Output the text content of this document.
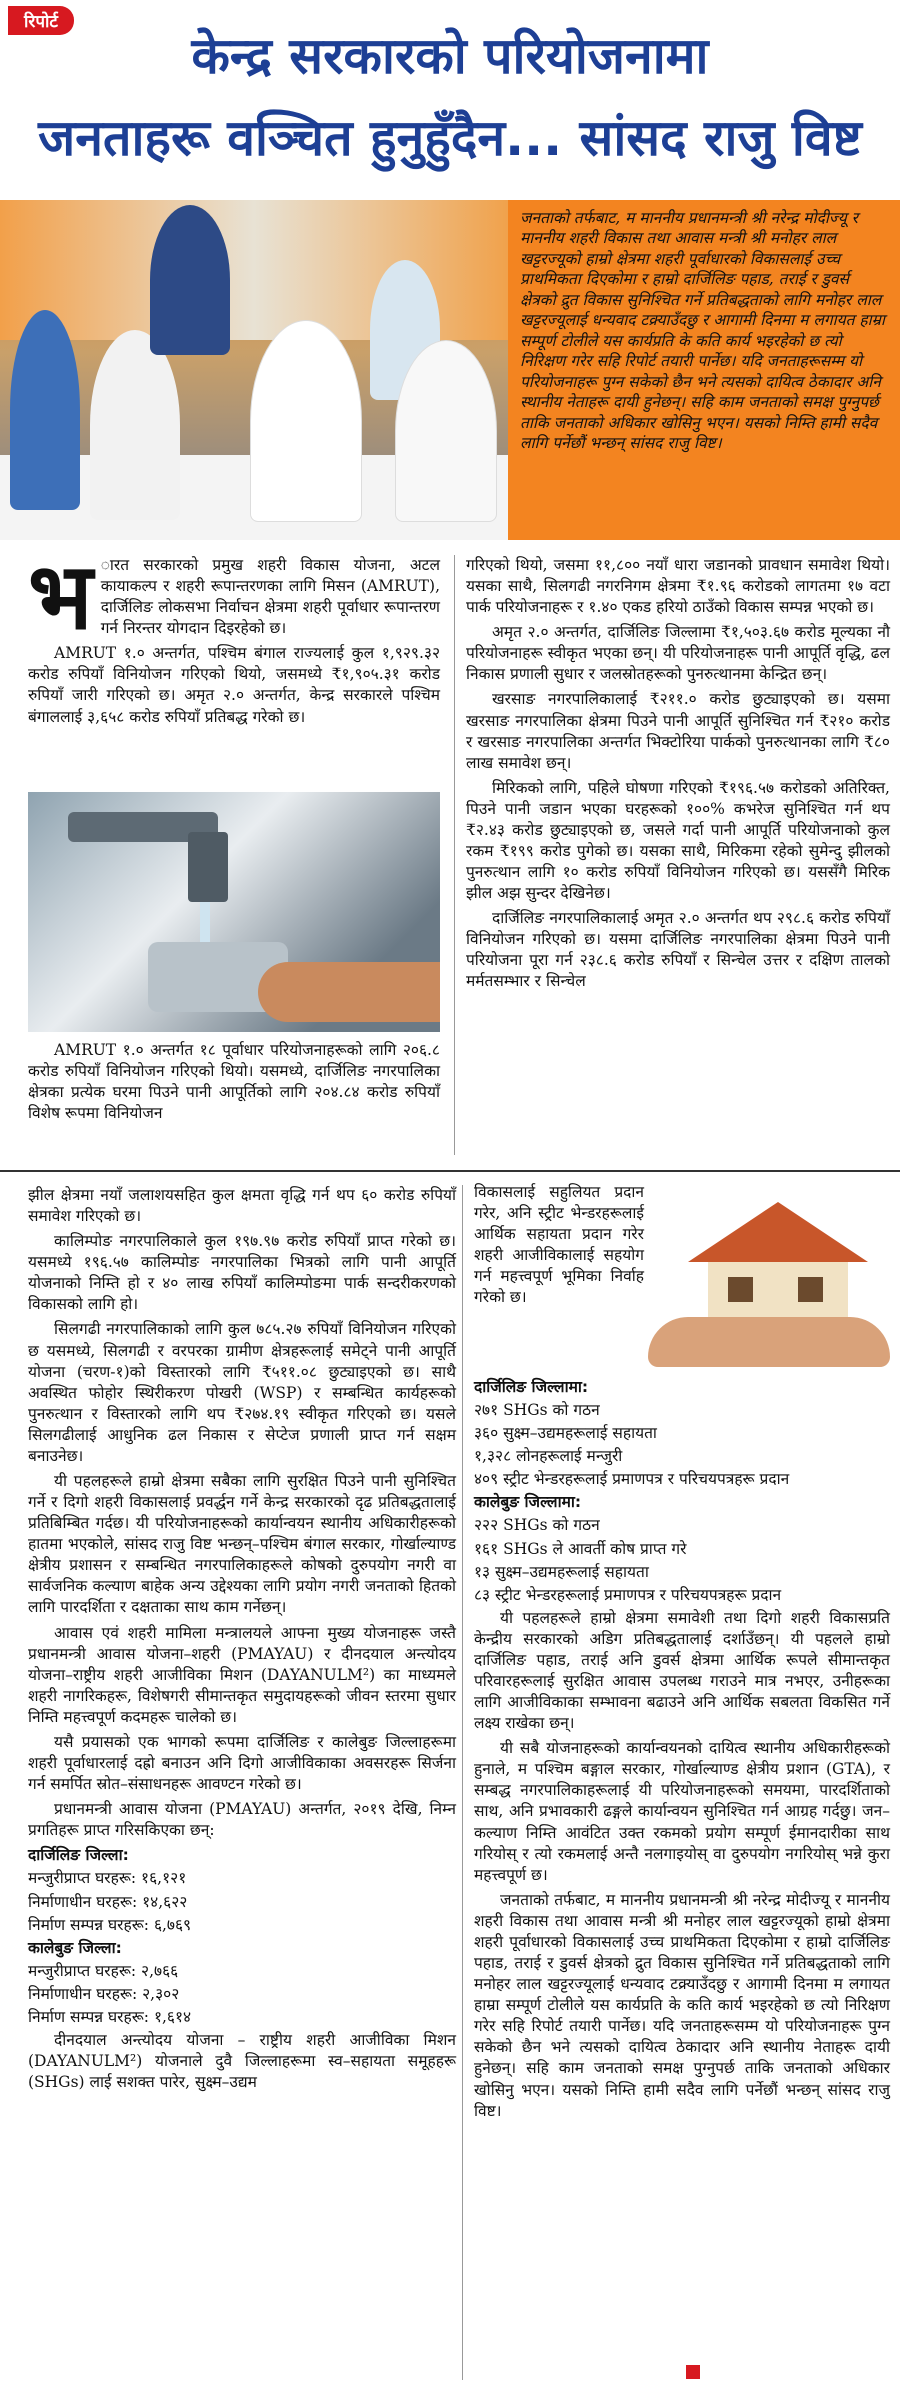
रिपोर्ट
केन्द्र सरकारको परियोजनामा
जनताहरू वञ्चित हुनुहुँदैन... सांसद राजु विष्ट
जनताको तर्फबाट, म माननीय प्रधानमन्त्री श्री नरेन्द्र मोदीज्यू र माननीय शहरी विकास तथा आवास मन्त्री श्री मनोहर लाल खट्टरज्यूको हाम्रो क्षेत्रमा शहरी पूर्वाधारको विकासलाई उच्च प्राथमिकता दिएकोमा र हाम्रो दार्जिलिङ पहाड, तराई र डुवर्स क्षेत्रको द्रुत विकास सुनिश्चित गर्ने प्रतिबद्धताको लागि मनोहर लाल खट्टरज्यूलाई धन्यवाद टक्र्याउँदछु र आगामी दिनमा म लगायत हाम्रा सम्पूर्ण टोलीले यस कार्यप्रति के कति कार्य भइरहेको छ त्यो निरिक्षण गरेर सहि रिपोर्ट तयारी पार्नेछ। यदि जनताहरूसम्म यो परियोजनाहरू पुग्न सकेको छैन भने त्यसको दायित्व ठेकादार अनि स्थानीय नेताहरू दायी हुनेछन्। सहि काम जनताको समक्ष पुग्नुपर्छ ताकि जनताको अधिकार खोसिनु भएन। यसको निम्ति हामी सदैव लागि पर्नेछौं भन्छन् सांसद राजु विष्ट।

भ ारत सरकारको प्रमुख शहरी विकास योजना, अटल कायाकल्प र शहरी रूपान्तरणका लागि मिसन (AMRUT), दार्जिलिङ लोकसभा निर्वाचन क्षेत्रमा शहरी पूर्वाधार रूपान्तरण गर्न निरन्तर योगदान दिइरहेको छ।

AMRUT १.० अन्तर्गत, पश्चिम बंगाल राज्यलाई कुल १,९२९.३२ करोड रुपियाँ विनियोजन गरिएको थियो, जसमध्ये ₹१,९०५.३१ करोड रुपियाँ जारी गरिएको छ। अमृत २.० अन्तर्गत, केन्द्र सरकारले पश्चिम बंगाललाई ३,६५८ करोड रुपियाँ प्रतिबद्ध गरेको छ।

AMRUT १.० अन्तर्गत १८ पूर्वाधार परियोजनाहरूको लागि २०६.८ करोड रुपियाँ विनियोजन गरिएको थियो। यसमध्ये, दार्जिलिङ नगरपालिका क्षेत्रका प्रत्येक घरमा पिउने पानी आपूर्तिको लागि २०४.८४ करोड रुपियाँ विशेष रूपमा विनियोजन

गरिएको थियो, जसमा ११,८०० नयाँ धारा जडानको प्रावधान समावेश थियो। यसका साथै, सिलगढी नगरनिगम क्षेत्रमा ₹१.९६ करोडको लागतमा १७ वटा पार्क परियोजनाहरू र १.४० एकड हरियो ठाउँको विकास सम्पन्न भएको छ।

अमृत २.० अन्तर्गत, दार्जिलिङ जिल्लामा ₹१,५०३.६७ करोड मूल्यका नौ परियोजनाहरू स्वीकृत भएका छन्। यी परियोजनाहरू पानी आपूर्ति वृद्धि, ढल निकास प्रणाली सुधार र जलस्रोतहरूको पुनरुत्थानमा केन्द्रित छन्।

खरसाङ नगरपालिकालाई ₹२११.० करोड छुट्याइएको छ। यसमा खरसाङ नगरपालिका क्षेत्रमा पिउने पानी आपूर्ति सुनिश्चित गर्न ₹२१० करोड र खरसाङ नगरपालिका अन्तर्गत भिक्टोरिया पार्कको पुनरुत्थानका लागि ₹८० लाख समावेश छन्।

मिरिकको लागि, पहिले घोषणा गरिएको ₹१९६.५७ करोडको अतिरिक्त, पिउने पानी जडान भएका घरहरूको १००% कभरेज सुनिश्चित गर्न थप ₹२.४३ करोड छुट्याइएको छ, जसले गर्दा पानी आपूर्ति परियोजनाको कुल रकम ₹१९९ करोड पुगेको छ। यसका साथै, मिरिकमा रहेको सुमेन्दु झीलको पुनरुत्थान लागि १० करोड रुपियाँ विनियोजन गरिएको छ। यससँगै मिरिक झील अझ सुन्दर देखिनेछ।

दार्जिलिङ नगरपालिकालाई अमृत २.० अन्तर्गत थप २९८.६ करोड रुपियाँ विनियोजन गरिएको छ। यसमा दार्जिलिङ नगरपालिका क्षेत्रमा पिउने पानी परियोजना पूरा गर्न २३८.६ करोड रुपियाँ र सिन्चेल उत्तर र दक्षिण तालको मर्मतसम्भार र सिन्चेल

झील क्षेत्रमा नयाँ जलाशयसहित कुल क्षमता वृद्धि गर्न थप ६० करोड रुपियाँ समावेश गरिएको छ।

कालिम्पोङ नगरपालिकाले कुल १९७.९७ करोड रुपियाँ प्राप्त गरेको छ। यसमध्ये १९६.५७ कालिम्पोङ नगरपालिका भित्रको लागि पानी आपूर्ति योजनाको निम्ति हो र ४० लाख रुपियाँ कालिम्पोङमा पार्क सन्दरीकरणको विकासको लागि हो।

सिलगढी नगरपालिकाको लागि कुल ७८५.२७ रुपियाँ विनियोजन गरिएको छ यसमध्ये, सिलगढी र वरपरका ग्रामीण क्षेत्रहरूलाई समेट्ने पानी आपूर्ति योजना (चरण-१)को विस्तारको लागि ₹५११.०८ छुट्याइएको छ। साथै अवस्थित फोहोर स्थिरीकरण पोखरी (WSP) र सम्बन्धित कार्यहरूको पुनरुत्थान र विस्तारको लागि थप ₹२७४.१९ स्वीकृत गरिएको छ। यसले सिलगढीलाई आधुनिक ढल निकास र सेप्टेज प्रणाली प्राप्त गर्न सक्षम बनाउनेछ।

यी पहलहरूले हाम्रो क्षेत्रमा सबैका लागि सुरक्षित पिउने पानी सुनिश्चित गर्ने र दिगो शहरी विकासलाई प्रवर्द्धन गर्ने केन्द्र सरकारको दृढ प्रतिबद्धतालाई प्रतिबिम्बित गर्दछ। यी परियोजनाहरूको कार्यान्वयन स्थानीय अधिकारीहरूको हातमा भएकोले, सांसद राजु विष्ट भन्छन्–पश्चिम बंगाल सरकार, गोर्खाल्याण्ड क्षेत्रीय प्रशासन र सम्बन्धित नगरपालिकाहरूले कोषको दुरुपयोग नगरी वा सार्वजनिक कल्याण बाहेक अन्य उद्देश्यका लागि प्रयोग नगरी जनताको हितको लागि पारदर्शिता र दक्षताका साथ काम गर्नेछन्।

आवास एवं शहरी मामिला मन्त्रालयले आफ्ना मुख्य योजनाहरू जस्तै प्रधानमन्त्री आवास योजना–शहरी (PMAYAU) र दीनदयाल अन्त्योदय योजना–राष्ट्रीय शहरी आजीविका मिशन (DAYANULM²) का माध्यमले शहरी नागरिकहरू, विशेषगरी सीमान्तकृत समुदायहरूको जीवन स्तरमा सुधार निम्ति महत्त्वपूर्ण कदमहरू चालेको छ।

यसै प्रयासको एक भागको रूपमा दार्जिलिङ र कालेबुङ जिल्लाहरूमा शहरी पूर्वाधारलाई दह्रो बनाउन अनि दिगो आजीविकाका अवसरहरू सिर्जना गर्न समर्पित स्रोत–संसाधनहरू आवण्टन गरेको छ।

प्रधानमन्त्री आवास योजना (PMAYAU) अन्तर्गत, २०१९ देखि, निम्न प्रगतिहरू प्राप्त गरिसकिएका छन्:

दार्जिलिङ जिल्ला:

मन्जुरीप्राप्त घरहरू: १६,१२१

निर्माणाधीन घरहरू: १४,६२२

निर्माण सम्पन्न घरहरू: ६,७६९

कालेबुङ जिल्ला:

मन्जुरीप्राप्त घरहरू: २,७६६

निर्माणाधीन घरहरू: २,३०२

निर्माण सम्पन्न घरहरू: १,६१४

दीनदयाल अन्त्योदय योजना – राष्ट्रीय शहरी आजीविका मिशन (DAYANULM²) योजनाले दुवै जिल्लाहरूमा स्व–सहायता समूहहरू (SHGs) लाई सशक्त पारेर, सुक्ष्म–उद्यम

विकासलाई सहुलियत प्रदान गरेर, अनि स्ट्रीट भेन्डरहरूलाई आर्थिक सहायता प्रदान गरेर शहरी आजीविकालाई सहयोग गर्न महत्त्वपूर्ण भूमिका निर्वाह गरेको छ।

दार्जिलिङ जिल्लामा:

२७१ SHGs को गठन

३६० सुक्ष्म–उद्यमहरूलाई सहायता

१,३२८ लोनहरूलाई मन्जुरी

४०९ स्ट्रीट भेन्डरहरूलाई प्रमाणपत्र र परिचयपत्रहरू प्रदान

कालेबुङ जिल्लामा:

२२२ SHGs को गठन

१६१ SHGs ले आवर्ती कोष प्राप्त गरे

१३ सुक्ष्म–उद्यमहरूलाई सहायता

८३ स्ट्रीट भेन्डरहरूलाई प्रमाणपत्र र परिचयपत्रहरू प्रदान

यी पहलहरूले हाम्रो क्षेत्रमा समावेशी तथा दिगो शहरी विकासप्रति केन्द्रीय सरकारको अडिग प्रतिबद्धतालाई दर्शाउँछन्। यी पहलले हाम्रो दार्जिलिङ पहाड, तराई अनि डुवर्स क्षेत्रमा आर्थिक रूपले सीमान्तकृत परिवारहरूलाई सुरक्षित आवास उपलब्ध गराउने मात्र नभएर, उनीहरूका लागि आजीविकाका सम्भावना बढाउने अनि आर्थिक सबलता विकसित गर्ने लक्ष्य राखेका छन्।

यी सबै योजनाहरूको कार्यान्वयनको दायित्व स्थानीय अधिकारीहरूको हुनाले, म पश्चिम बङ्गाल सरकार, गोर्खाल्याण्ड क्षेत्रीय प्रशान (GTA), र सम्बद्ध नगरपालिकाहरूलाई यी परियोजनाहरूको समयमा, पारदर्शिताको साथ, अनि प्रभावकारी ढङ्गले कार्यान्वयन सुनिश्चित गर्न आग्रह गर्दछु। जन–कल्याण निम्ति आवंटित उक्त रकमको प्रयोग सम्पूर्ण ईमानदारीका साथ गरियोस् र त्यो रकमलाई अन्तै नलगाइयोस् वा दुरुपयोग नगरियोस् भन्ने कुरा महत्त्वपूर्ण छ।

जनताको तर्फबाट, म माननीय प्रधानमन्त्री श्री नरेन्द्र मोदीज्यू र माननीय शहरी विकास तथा आवास मन्त्री श्री मनोहर लाल खट्टरज्यूको हाम्रो क्षेत्रमा शहरी पूर्वाधारको विकासलाई उच्च प्राथमिकता दिएकोमा र हाम्रो दार्जिलिङ पहाड, तराई र डुवर्स क्षेत्रको द्रुत विकास सुनिश्चित गर्ने प्रतिबद्धताको लागि मनोहर लाल खट्टरज्यूलाई धन्यवाद टक्र्याउँदछु र आगामी दिनमा म लगायत हाम्रा सम्पूर्ण टोलीले यस कार्यप्रति के कति कार्य भइरहेको छ त्यो निरिक्षण गरेर सहि रिपोर्ट तयारी पार्नेछ। यदि जनताहरूसम्म यो परियोजनाहरू पुग्न सकेको छैन भने त्यसको दायित्व ठेकादार अनि स्थानीय नेताहरू दायी हुनेछन्। सहि काम जनताको समक्ष पुग्नुपर्छ ताकि जनताको अधिकार खोसिनु भएन। यसको निम्ति हामी सदैव लागि पर्नेछौं भन्छन् सांसद राजु विष्ट।
